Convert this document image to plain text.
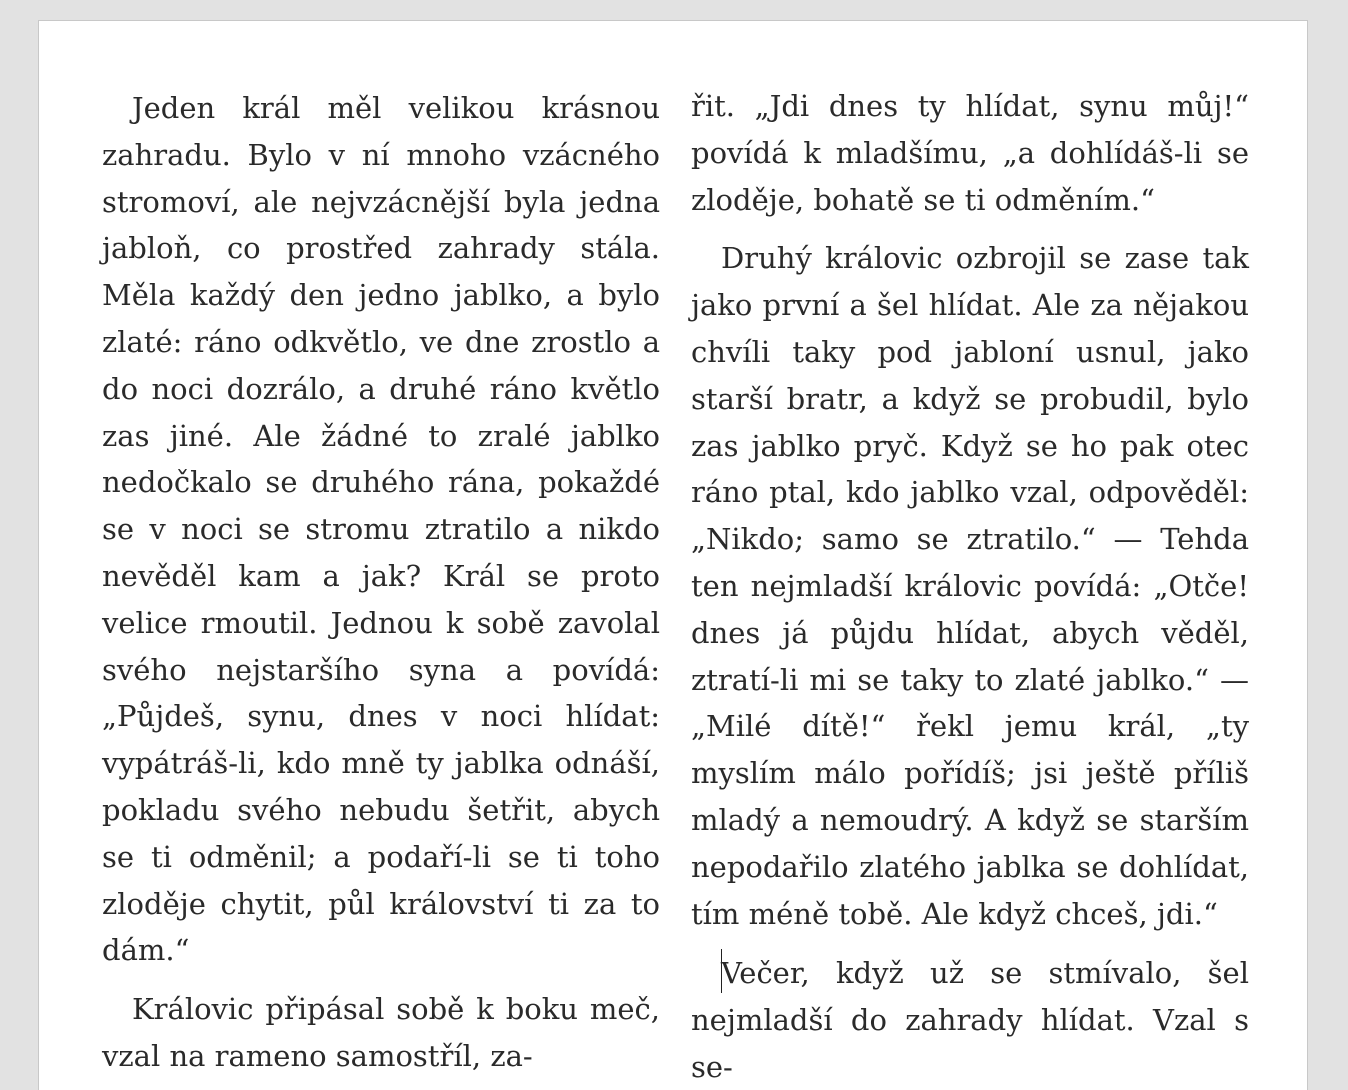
Jeden král měl velikou krásnou zahradu. Bylo v ní mnoho vzácného stromoví, ale nejvzácnější byla jedna jabloň, co prostřed zahrady stála. Měla každý den jedno jablko, a bylo zlaté: ráno odkvětlo, ve dne zrostlo a do noci dozrálo, a druhé ráno květlo zas jiné. Ale žádné to zralé jablko nedočkalo se druhého rána, pokaždé se v noci se stromu ztratilo a nikdo nevěděl kam a jak? Král se proto velice rmoutil. Jednou k sobě zavolal svého nejstaršího syna a povídá: „Půjdeš, synu, dnes v noci hlídat: vypátráš-li, kdo mně ty jablka odnáší, pokladu svého nebudu šetřit, abych se ti odměnil; a podaří-li se ti toho zloděje chytit, půl království ti za to dám.“

Královic připásal sobě k boku meč, vzal na rameno samostříl, za-

řit. „Jdi dnes ty hlídat, synu můj!“ povídá k mladšímu, „a dohlídáš-li se zloděje, bohatě se ti odměním.“

Druhý královic ozbrojil se zase tak jako první a šel hlídat. Ale za nějakou chvíli taky pod jabloní usnul, jako starší bratr, a když se probudil, bylo zas jablko pryč. Když se ho pak otec ráno ptal, kdo jablko vzal, odpověděl: „Nikdo; samo se ztratilo.“ — Tehda ten nejmladší královic povídá: „Otče! dnes já půjdu hlídat, abych věděl, ztratí-li mi se taky to zlaté jablko.“ — „Milé dítě!“ řekl jemu král, „ty myslím málo pořídíš; jsi ještě příliš mladý a nemoudrý. A když se starším nepodařilo zlatého jablka se dohlídat, tím méně tobě. Ale když chceš, jdi.“

Večer, když už se stmívalo, šel nejmladší do zahrady hlídat. Vzal s se-
